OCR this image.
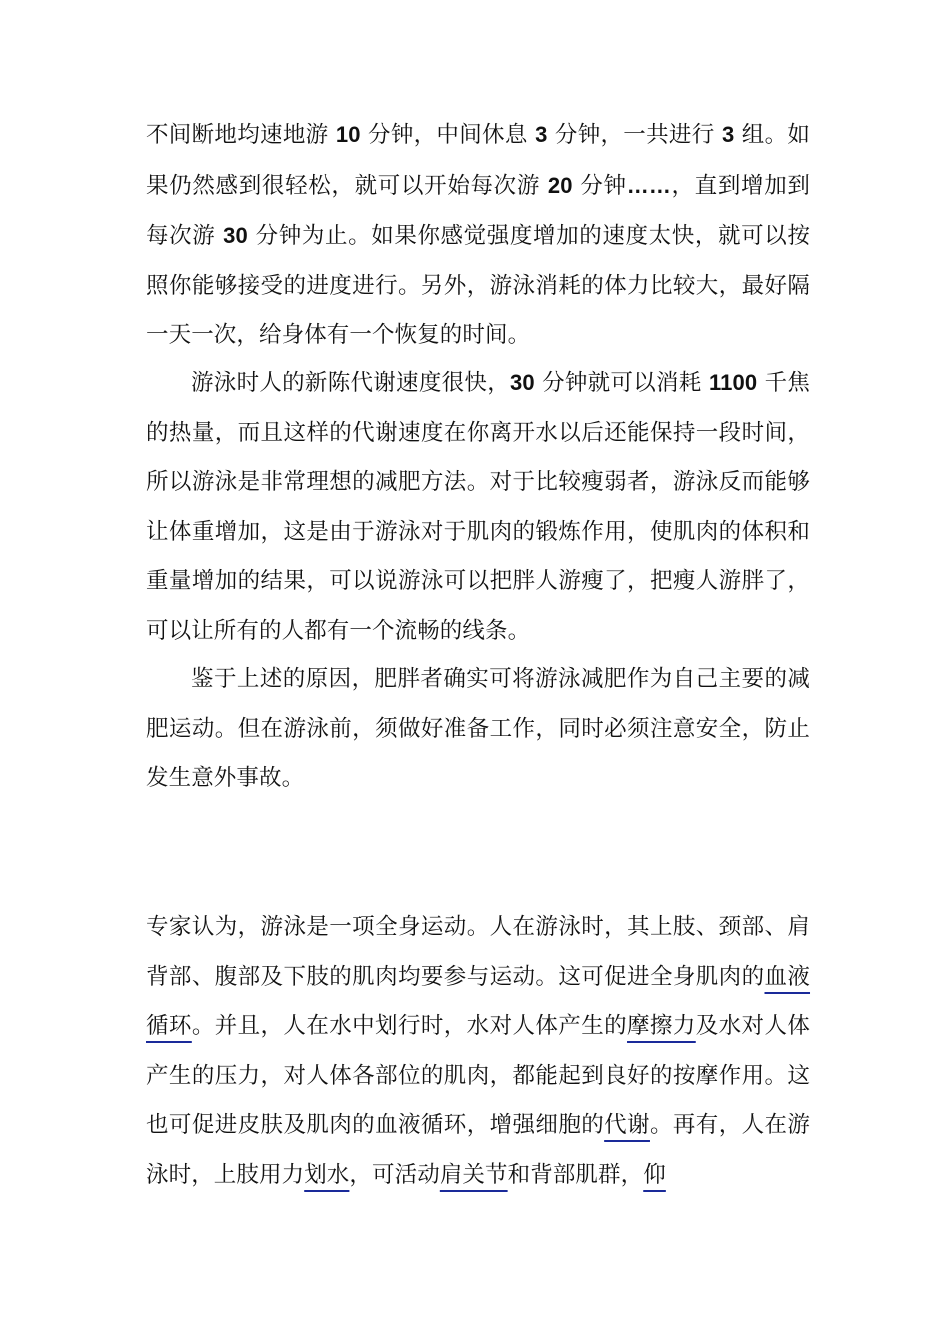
不间断地均速地游 10 分钟，中间休息 3 分钟，一共进行 3 组。如果仍然感到很轻松，就可以开始每次游 20 分钟……，直到增加到每次游 30 分钟为止。如果你感觉强度增加的速度太快，就可以按照你能够接受的进度进行。另外，游泳消耗的体力比较大，最好隔一天一次，给身体有一个恢复的时间。

游泳时人的新陈代谢速度很快，30 分钟就可以消耗 1100 千焦的热量，而且这样的代谢速度在你离开水以后还能保持一段时间，所以游泳是非常理想的减肥方法。对于比较瘦弱者，游泳反而能够让体重增加，这是由于游泳对于肌肉的锻炼作用，使肌肉的体积和重量增加的结果，可以说游泳可以把胖人游瘦了，把瘦人游胖了，可以让所有的人都有一个流畅的线条。

鉴于上述的原因，肥胖者确实可将游泳减肥作为自己主要的减肥运动。但在游泳前，须做好准备工作，同时必须注意安全，防止发生意外事故。

专家认为，游泳是一项全身运动。人在游泳时，其上肢、颈部、肩背部、腹部及下肢的肌肉均要参与运动。这可促进全身肌肉的血液循环。并且，人在水中划行时，水对人体产生的摩擦力及水对人体产生的压力，对人体各部位的肌肉，都能起到良好的按摩作用。这也可促进皮肤及肌肉的血液循环，增强细胞的代谢。再有，人在游泳时，上肢用力划水，可活动肩关节和背部肌群，仰
